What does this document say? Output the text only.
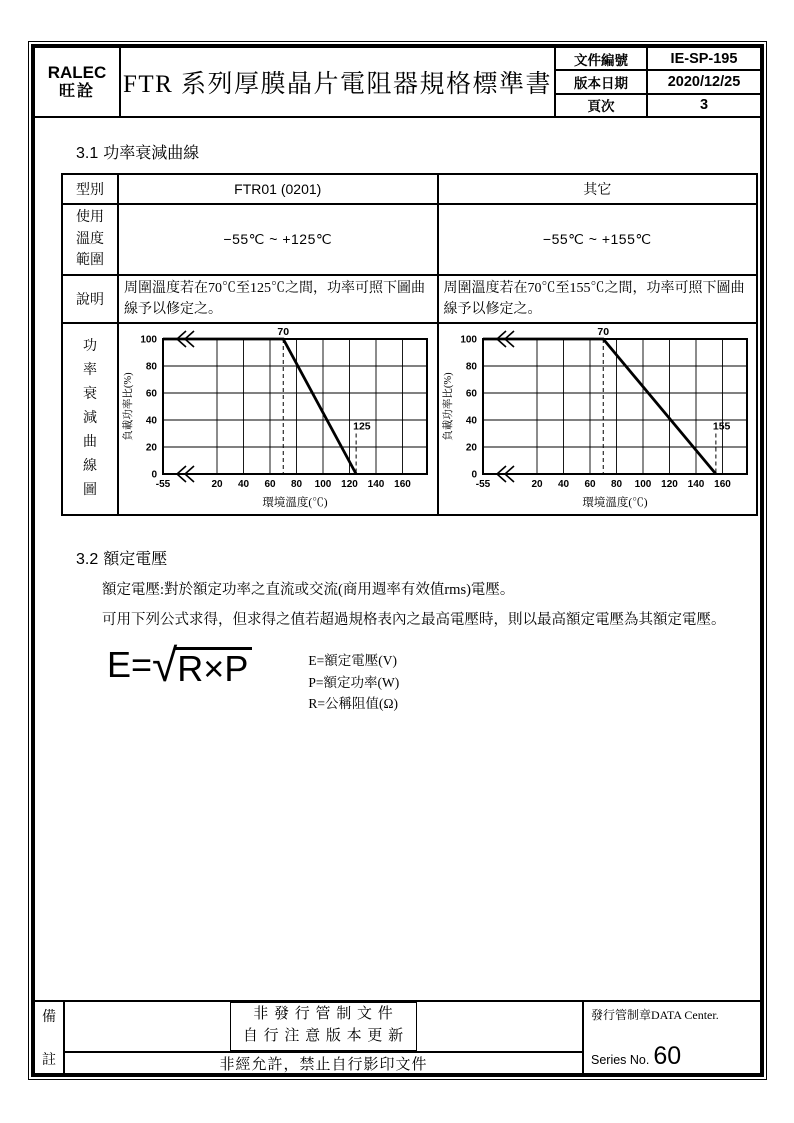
RALEC
旺詮 FTR 系列厚膜晶片電阻器規格標準書
文件編號	IE-SP-195
版本日期	2020/12/25
頁次	3
3.1 功率衰減曲線
型別	FTR01 (0201)	其它

使用溫度範圍	−55℃ ~ +125℃	−55℃ ~ +155℃
說明	周圍溫度若在70℃至125℃之間，功率可照下圖曲線予以修定之。	周圍溫度若在70℃至155℃之間，功率可照下圖曲線予以修定之。

功率衰減曲線圖

70
125
-55	20 40 60 80 100 120 140 160
0
20
40
60
80
100
環境溫度(℃)
負載功率比(%)

70
155
-55	20 40 60 80 100 120 140 160
0
20
40
60
80
100
環境溫度(℃)
負載功率比(%)
3.2 額定電壓
額定電壓:對於額定功率之直流或交流(商用週率有效值rms)電壓。
可用下列公式求得，但求得之值若超過規格表內之最高電壓時，則以最高額定電壓為其額定電壓。
E= √ R×P	E=額定電壓(V)
P=額定功率(W)
R=公稱阻值(Ω)
備
註
非 發 行 管 制 文 件
自 行 注 意 版 本 更 新
非經允許，禁止自行影印文件
發行管制章DATA Center.
Series No. 60
